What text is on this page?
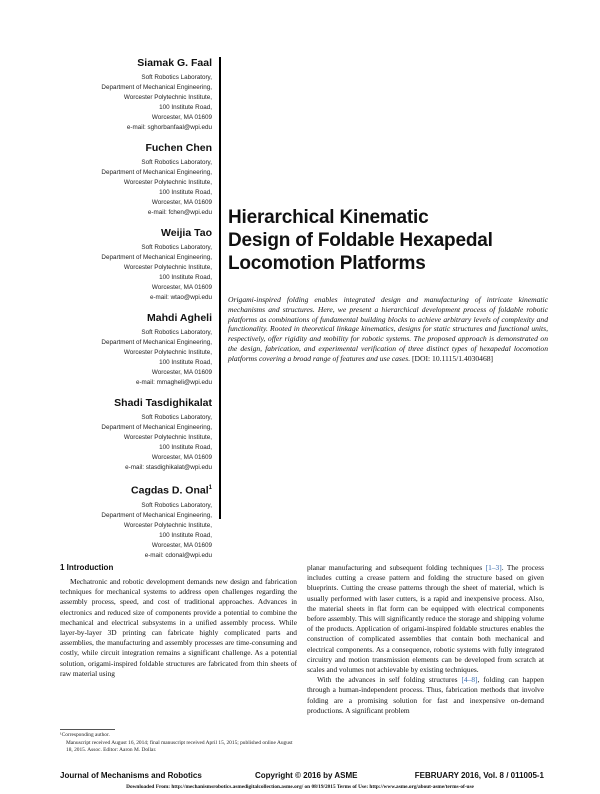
Siamak G. Faal
Soft Robotics Laboratory,
Department of Mechanical Engineering,
Worcester Polytechnic Institute,
100 Institute Road,
Worcester, MA 01609
e-mail: sghorbanfaal@wpi.edu
Fuchen Chen
Soft Robotics Laboratory,
Department of Mechanical Engineering,
Worcester Polytechnic Institute,
100 Institute Road,
Worcester, MA 01609
e-mail: fchen@wpi.edu
Weijia Tao
Soft Robotics Laboratory,
Department of Mechanical Engineering,
Worcester Polytechnic Institute,
100 Institute Road,
Worcester, MA 01609
e-mail: wtao@wpi.edu
Mahdi Agheli
Soft Robotics Laboratory,
Department of Mechanical Engineering,
Worcester Polytechnic Institute,
100 Institute Road,
Worcester, MA 01609
e-mail: mmagheli@wpi.edu
Shadi Tasdighikalat
Soft Robotics Laboratory,
Department of Mechanical Engineering,
Worcester Polytechnic Institute,
100 Institute Road,
Worcester, MA 01609
e-mail: stasdighikalat@wpi.edu
Cagdas D. Onal$^1$
Soft Robotics Laboratory,
Department of Mechanical Engineering,
Worcester Polytechnic Institute,
100 Institute Road,
Worcester, MA 01609
e-mail: cdonal@wpi.edu
Hierarchical Kinematic
Design of Foldable Hexapedal
Locomotion Platforms
Origami-inspired folding enables integrated design and manufacturing of intricate kinematic mechanisms and structures. Here, we present a hierarchical development process of foldable robotic platforms as combinations of fundamental building blocks to achieve arbitrary levels of complexity and functionality. Rooted in theoretical linkage kinematics, designs for static structures and functional units, respectively, offer rigidity and mobility for robotic systems. The proposed approach is demonstrated on the design, fabrication, and experimental verification of three distinct types of hexapedal locomotion platforms covering a broad range of features and use cases. [DOI: 10.1115/1.4030468]
1 Introduction

Mechatronic and robotic development demands new design and fabrication techniques for mechanical systems to address open challenges regarding the assembly process, speed, and cost of traditional approaches. Advances in electronics and reduced size of components provide a potential to combine the mechanical and electrical subsystems in a unified assembly process. While layer-by-layer 3D printing can fabricate highly complicated parts and assemblies, the manufacturing and assembly processes are time-consuming and costly, while circuit integration remains a significant challenge. As a potential solution, origami-inspired foldable structures are fabricated from thin sheets of raw material using

planar manufacturing and subsequent folding techniques [1–3]. The process includes cutting a crease pattern and folding the structure based on given blueprints. Cutting the crease patterns through the sheet of material, which is usually performed with laser cutters, is a rapid and inexpensive process. Also, the material sheets in flat form can be equipped with electrical components before assembly. This will significantly reduce the storage and shipping volume of the products. Application of origami-inspired foldable structures enables the construction of complicated assemblies that contain both mechanical and electrical components. As a consequence, robotic systems with fully integrated circuitry and motion transmission elements can be developed from scratch at scales and volumes not achievable by existing techniques.

With the advances in self folding structures [4–8], folding can happen through a human-independent process. Thus, fabrication methods that involve folding are a promising solution for fast and inexpensive on-demand productions. A significant problem

¹Corresponding author.
Manuscript received August 16, 2014; final manuscript received April 15, 2015; published online August 18, 2015. Assoc. Editor: Aaron M. Dollar.
Journal of Mechanisms and Robotics	Copyright © 2016 by ASME	FEBRUARY 2016, Vol. 8 / 011005-1
Downloaded From: http://mechanismsrobotics.asmedigitalcollection.asme.org/ on 08/19/2015 Terms of Use: http://www.asme.org/about-asme/terms-of-use
